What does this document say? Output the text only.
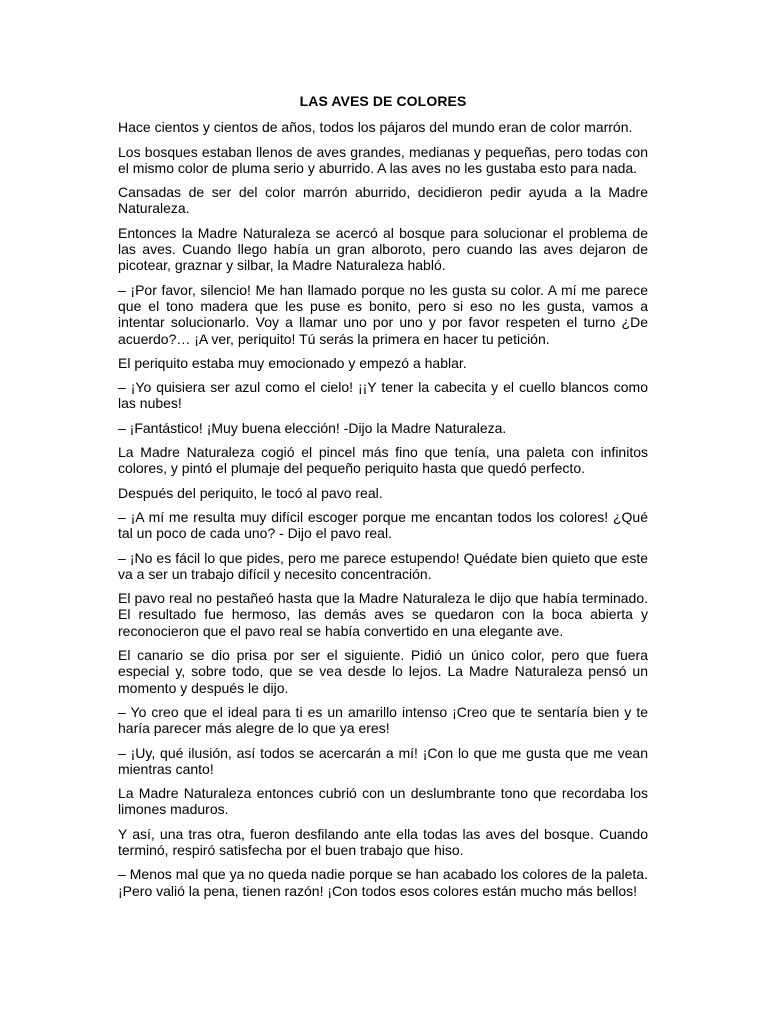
LAS AVES DE COLORES

Hace cientos y cientos de años, todos los pájaros del mundo eran de color marrón.

Los bosques estaban llenos de aves grandes, medianas y pequeñas, pero todas con el mismo color de pluma serio y aburrido. A las aves no les gustaba esto para nada.

Cansadas de ser del color marrón aburrido, decidieron pedir ayuda a la Madre Naturaleza.

Entonces la Madre Naturaleza se acercó al bosque para solucionar el problema de las aves. Cuando llego había un gran alboroto, pero cuando las aves dejaron de picotear, graznar y silbar, la Madre Naturaleza habló.

– ¡Por favor, silencio! Me han llamado porque no les gusta su color. A mí me parece que el tono madera que les puse es bonito, pero si eso no les gusta, vamos a intentar solucionarlo. Voy a llamar uno por uno y por favor respeten el turno ¿De acuerdo?… ¡A ver, periquito! Tú serás la primera en hacer tu petición.

El periquito estaba muy emocionado y empezó a hablar.

– ¡Yo quisiera ser azul como el cielo! ¡¡Y tener la cabecita y el cuello blancos como las nubes!

– ¡Fantástico! ¡Muy buena elección! -Dijo la Madre Naturaleza.

La Madre Naturaleza cogió el pincel más fino que tenía, una paleta con infinitos colores, y pintó el plumaje del pequeño periquito hasta que quedó perfecto.

Después del periquito, le tocó al pavo real.

– ¡A mí me resulta muy difícil escoger porque me encantan todos los colores! ¿Qué tal un poco de cada uno? - Dijo el pavo real.

– ¡No es fácil lo que pides, pero me parece estupendo! Quédate bien quieto que este va a ser un trabajo difícil y necesito concentración.

El pavo real no pestañeó hasta que la Madre Naturaleza le dijo que había terminado. El resultado fue hermoso, las demás aves se quedaron con la boca abierta y reconocieron que el pavo real se había convertido en una elegante ave.

El canario se dio prisa por ser el siguiente. Pidió un único color, pero que fuera especial y, sobre todo, que se vea desde lo lejos. La Madre Naturaleza pensó un momento y después le dijo.

– Yo creo que el ideal para ti es un amarillo intenso ¡Creo que te sentaría bien y te haría parecer más alegre de lo que ya eres!

– ¡Uy, qué ilusión, así todos se acercarán a mí! ¡Con lo que me gusta que me vean mientras canto!

La Madre Naturaleza entonces cubrió con un deslumbrante tono que recordaba los limones maduros.

Y así, una tras otra, fueron desfilando ante ella todas las aves del bosque. Cuando terminó, respiró satisfecha por el buen trabajo que hiso.

– Menos mal que ya no queda nadie porque se han acabado los colores de la paleta. ¡Pero valió la pena, tienen razón! ¡Con todos esos colores están mucho más bellos!
